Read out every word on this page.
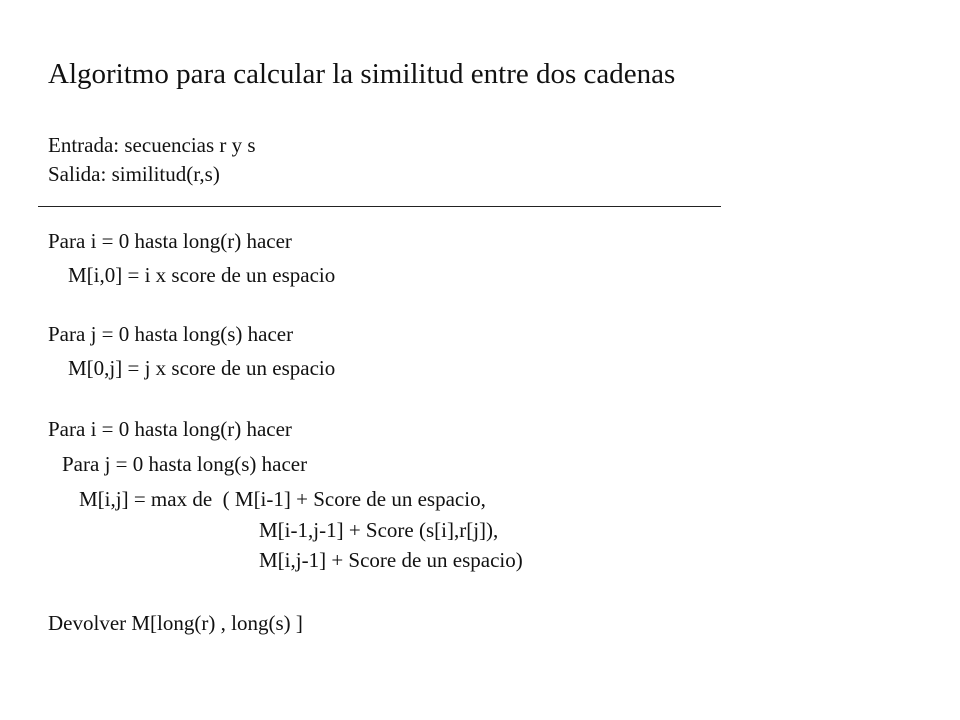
Algoritmo para calcular la similitud entre dos cadenas
Entrada: secuencias r y s
Salida: similitud(r,s)
Para i = 0 hasta long(r) hacer
M[i,0] = i x score de un espacio
Para j = 0 hasta long(s) hacer
M[0,j] = j x score de un espacio
Para i = 0 hasta long(r) hacer
Para j = 0 hasta long(s) hacer
M[i,j] = max de  ( M[i-1] + Score de un espacio,
M[i-1,j-1] + Score (s[i],r[j]),
M[i,j-1] + Score de un espacio)
Devolver M[long(r) , long(s) ]
